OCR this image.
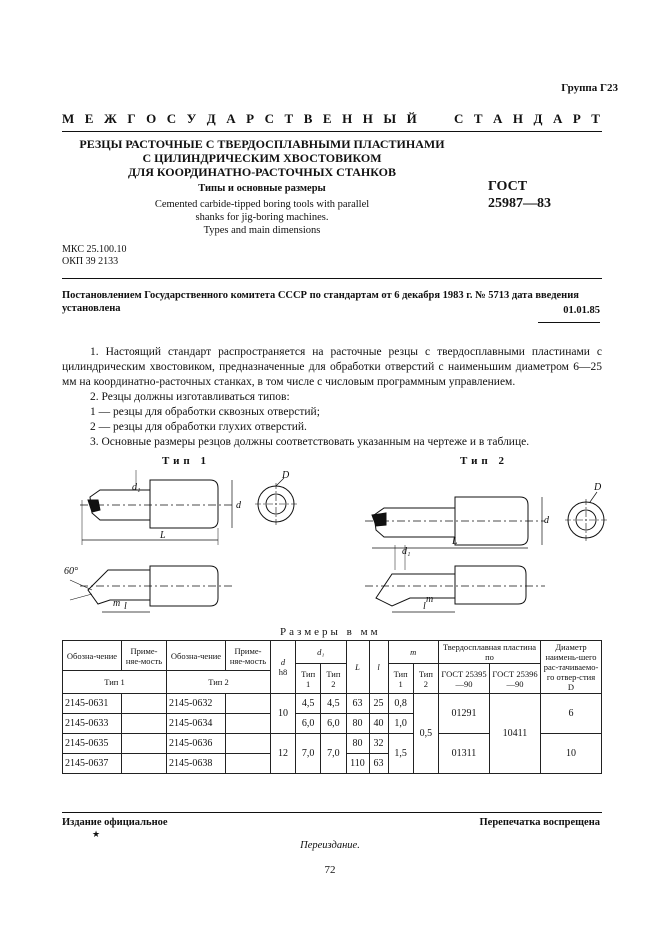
Группа Г23
М Е Ж Г О С У Д А Р С Т В Е Н Н Ы Й	С Т А Н Д А Р Т
РЕЗЦЫ РАСТОЧНЫЕ С ТВЕРДОСПЛАВНЫМИ ПЛАСТИНАМИ
С ЦИЛИНДРИЧЕСКИМ ХВОСТОВИКОМ
ДЛЯ КООРДИНАТНО-РАСТОЧНЫХ СТАНКОВ
Типы и основные размеры
Cemented carbide-tipped boring tools with parallel
shanks for jig-boring machines.
Types and main dimensions
ГОСТ
25987—83
МКС 25.100.10
ОКП 39 2133
Постановлением Государственного комитета СССР по стандартам от 6 декабря 1983 г. № 5713 дата введения установлена	01.01.85
1. Настоящий стандарт распространяется на расточные резцы с твердосплавными пластинами с цилиндрическим хвостовиком, предназначенные для обработки отверстий с наименьшим диаметром 6—25 мм на координатно-расточных станках, в том числе с числовым программным управлением.
2. Резцы должны изготавливаться типов:
1 — резцы для обработки сквозных отверстий;
2 — резцы для обработки глухих отверстий.
3. Основные размеры резцов должны соответствовать указанным на чертеже и в таблице.
Тип 1	Тип 2
d₁
d
L
D
60°
l
m
d₁
d
L
D
l
m
Размеры в мм
Обозна-чение	Приме-няе-мость	Обозна-чение	Приме-няе-мость	d
h8	d₁		L	l	m		Твердосплавная пластина по		Диаметр наимень-шего рас-тачиваемо-го отвер-стия D
					Тип 1	Тип 2			Тип 1	Тип 2	ГОСТ 25395—90	ГОСТ 25396—90	
Тип 1		Тип 2											
2145-0631		2145-0632		10	4,5	4,5	63	25	0,8	0,5	01291	10411	6
2145-0633		2145-0634			6,0	6,0	80	40	1,0				
2145-0635		2145-0636		12	7,0	7,0	80	32	1,5		01311		10
2145-0637		2145-0638					110	63					
Издание официальное
★
Перепечатка воспрещена
Переиздание.
72
